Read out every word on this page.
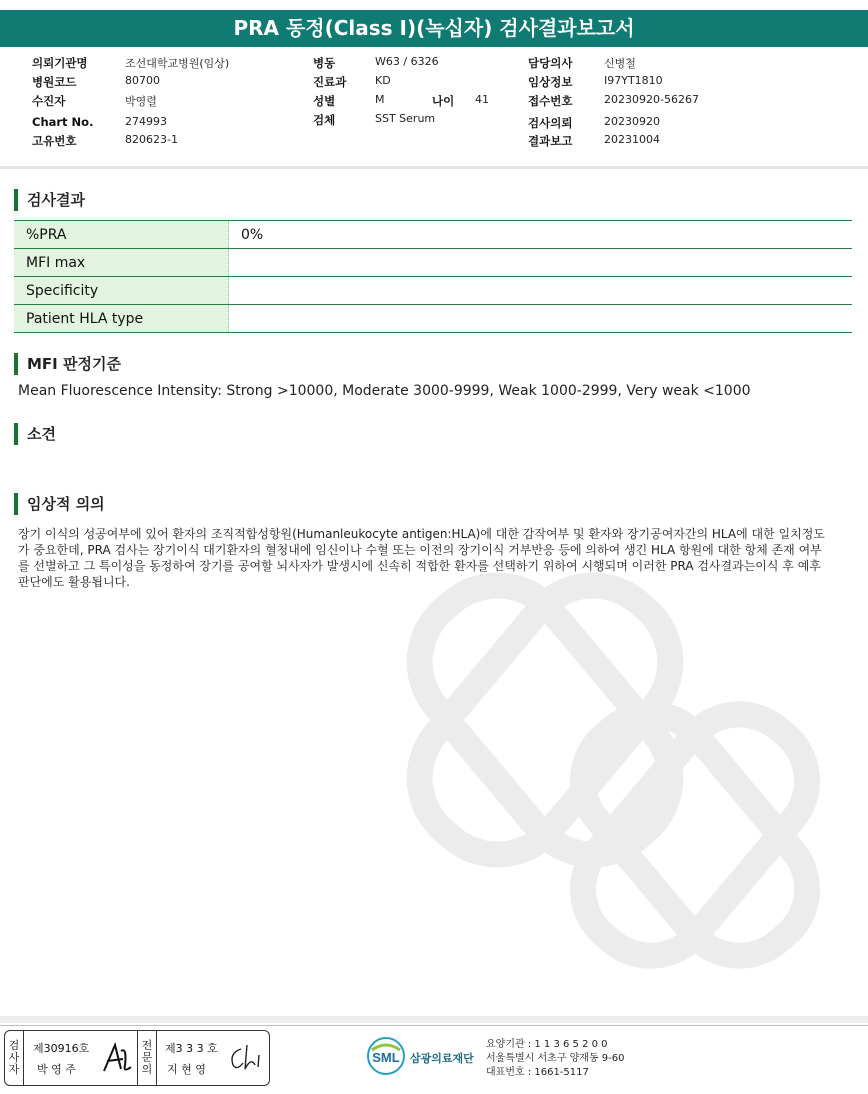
PRA 동정(Class I)(녹십자) 검사결과보고서
의뢰기관명	조선대학교병원(임상)
병원코드	80700
수진자	박영렬
Chart No.	274993
고유번호	820623-1
병동	W63 / 6326
진료과	KD
성별	M	나이 41
검체	SST Serum
담당의사	신병철
임상정보	I97YT1810
접수번호	20230920-56267
검사의뢰	20230920
결과보고	20231004
검사결과
%PRA	0%
MFI max	
Specificity	
Patient HLA type	
MFI 판정기준
Mean Fluorescence Intensity: Strong >10000, Moderate 3000-9999, Weak 1000-2999, Very weak <1000
소견
임상적 의의
장기 이식의 성공여부에 있어 환자의 조직적합성항원(Humanleukocyte antigen:HLA)에 대한 감작여부 및 환자와 장기공여자간의 HLA에 대한 일치정도가 중요한데, PRA 검사는 장기이식 대기환자의 혈청내에 임신이나 수혈 또는 이전의 장기이식 거부반응 등에 의하여 생긴 HLA 항원에 대한 항체 존재 여부를 선별하고 그 특이성을 동정하여 장기를 공여할 뇌사자가 발생시에 신속히 적합한 환자를 선택하기 위하여 시행되며 이러한 PRA 검사결과는이식 후 예후 판단에도 활용됩니다.
검
사
자
제30916호
박 영 주
전
문
의
제3 3 3 호
지 현 영
SML 삼광의료재단
요양기관 : 1 1 3 6 5 2 0 0
서울특별시 서초구 양재동 9-60
대표번호 : 1661-5117
